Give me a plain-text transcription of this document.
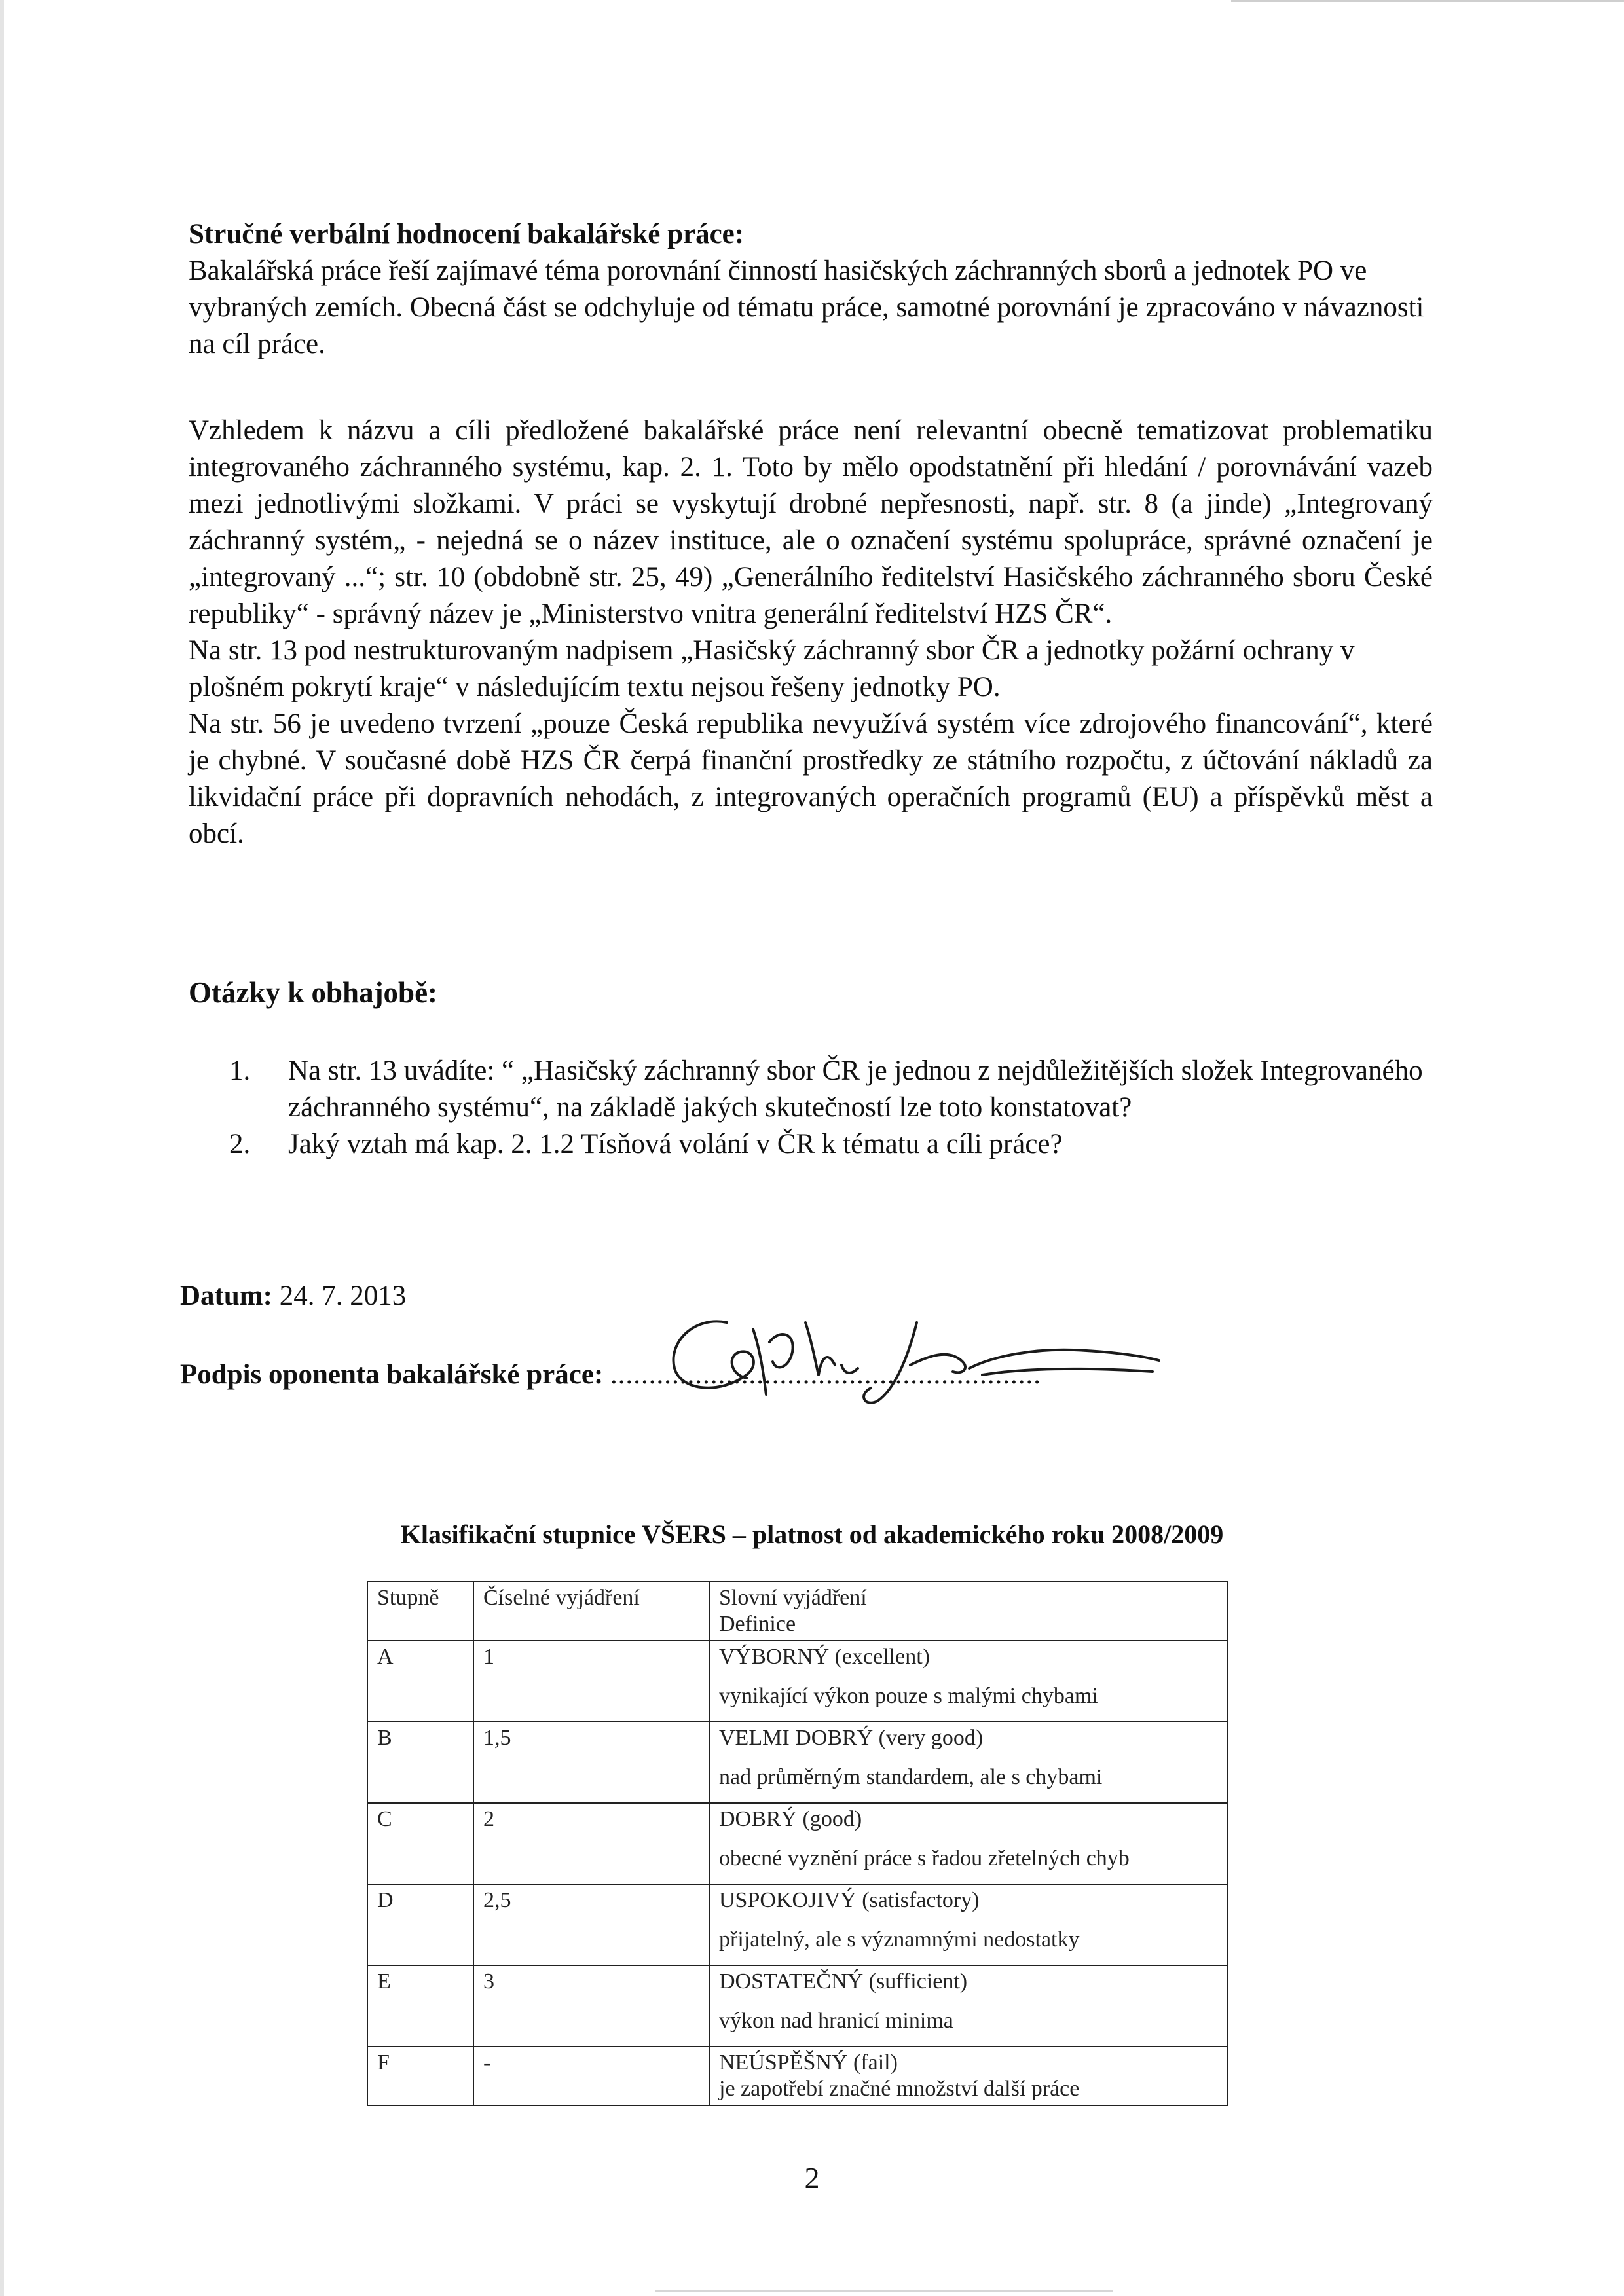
Stručné verbální hodnocení bakalářské práce:

Bakalářská práce řeší zajímavé téma porovnání činností hasičských záchranných sborů a jednotek PO ve vybraných zemích. Obecná část se odchyluje od tématu práce, samotné porovnání je zpracováno v návaznosti na cíl práce.

Vzhledem k názvu a cíli předložené bakalářské práce není relevantní obecně tematizovat problematiku integrovaného záchranného systému, kap. 2. 1. Toto by mělo opodstatnění při hledání / porovnávání vazeb mezi jednotlivými složkami. V práci se vyskytují drobné nepřesnosti, např. str. 8 (a jinde) „Integrovaný záchranný systém„ - nejedná se o název instituce, ale o označení systému spolupráce, správné označení je „integrovaný ...“; str. 10 (obdobně str. 25, 49) „Generálního ředitelství Hasičského záchranného sboru České republiky“ - správný název je „Ministerstvo vnitra generální ředitelství HZS ČR“.

Na str. 13 pod nestrukturovaným nadpisem „Hasičský záchranný sbor ČR a jednotky požární ochrany v plošném pokrytí kraje“ v následujícím textu nejsou řešeny jednotky PO.

Na str. 56 je uvedeno tvrzení „pouze Česká republika nevyužívá systém více zdrojového financování“, které je chybné. V současné době HZS ČR čerpá finanční prostředky ze státního rozpočtu, z účtování nákladů za likvidační práce při dopravních nehodách, z integrovaných operačních programů (EU) a příspěvků měst a obcí.

Otázky k obhajobě:
1. Na str. 13 uvádíte: “ „Hasičský záchranný sbor ČR je jednou z nejdůležitějších složek Integrovaného záchranného systému“, na základě jakých skutečností lze toto konstatovat?
2. Jaký vztah má kap. 2. 1.2 Tísňová volání v ČR k tématu a cíli práce?
Datum: 24. 7. 2013
Podpis oponenta bakalářské práce: ........................................................
Klasifikační stupnice VŠERS – platnost od akademického roku 2008/2009
Stupně	Číselné vyjádření	Slovní vyjádření
Definice

A	1	VÝBORNÝ (excellent)
vynikající výkon pouze s malými chybami

B	1,5	VELMI DOBRÝ (very good)
nad průměrným standardem, ale s chybami

C	2	DOBRÝ (good)
obecné vyznění práce s řadou zřetelných chyb

D	2,5	USPOKOJIVÝ (satisfactory)
přijatelný, ale s významnými nedostatky

E	3	DOSTATEČNÝ (sufficient)
výkon nad hranicí minima

F	-	NEÚSPĚŠNÝ (fail)
je zapotřebí značné množství další práce
2
